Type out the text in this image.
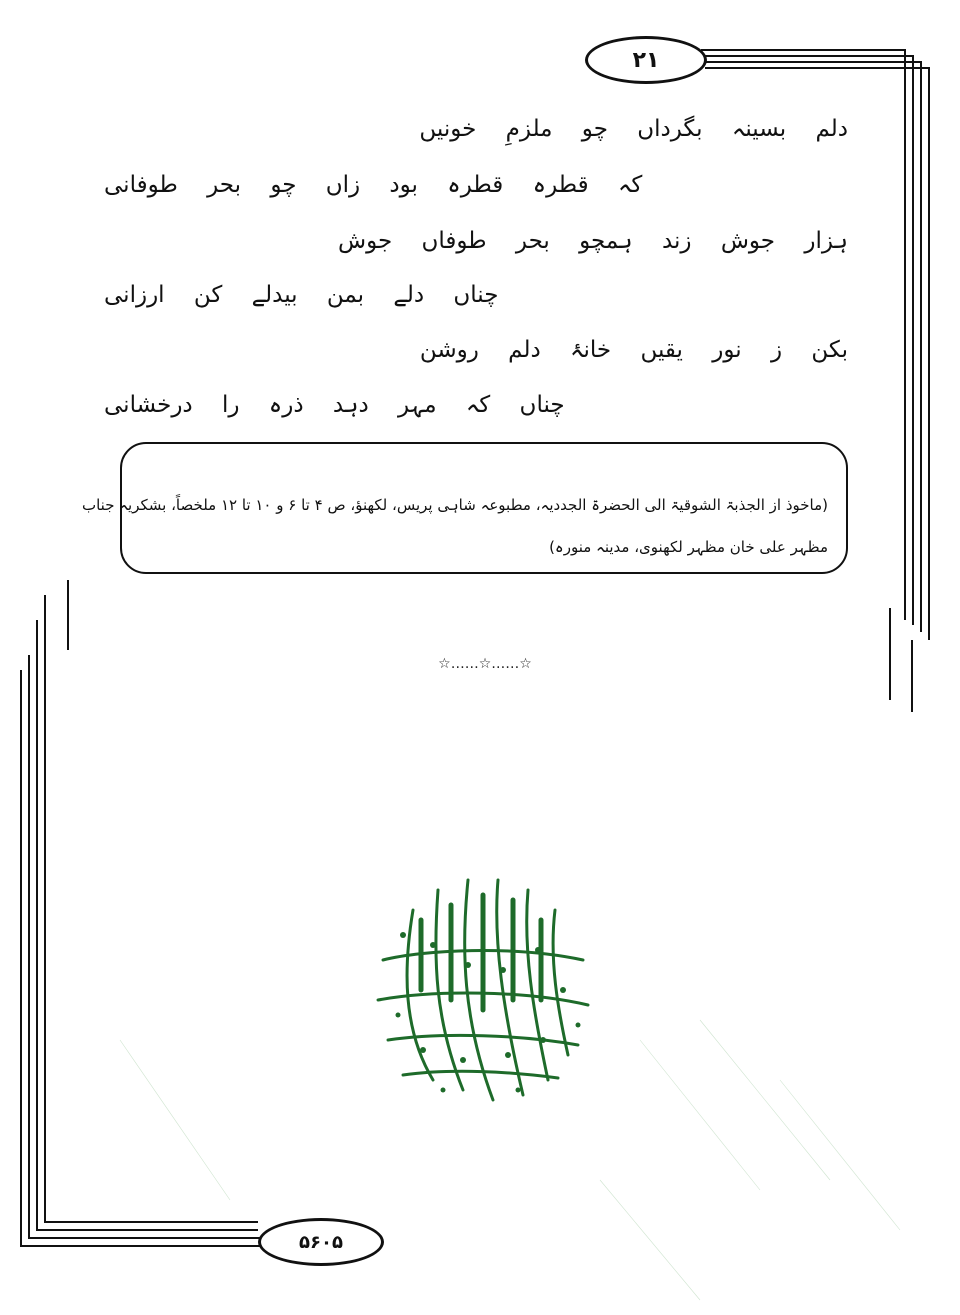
۲۱
دلم بسینہ بگرداں چو ملزمِ خونیں
کہ قطرہ قطرہ بود زاں چو بحر طوفانی
ہزار جوش زند ہمچو بحر طوفاں جوش
چناں دلے بمن بیدلے کن ارزانی
بکن ز نور یقیں خانۂ دلم روشن
چناں کہ مہر دہد ذرہ را درخشانی
(ماخوذ از الجذبۃ الشوقیۃ الی الحضرۃ الجددیہ، مطبوعہ شاہی پریس، لکھنؤ، ص ۴ تا ۶ و ۱۰ تا ۱۲ ملخصاً، بشکریہ جناب
مظہر علی خان مظہر لکھنوی، مدینہ منورہ)
☆……☆……☆
۵۶۰۵
